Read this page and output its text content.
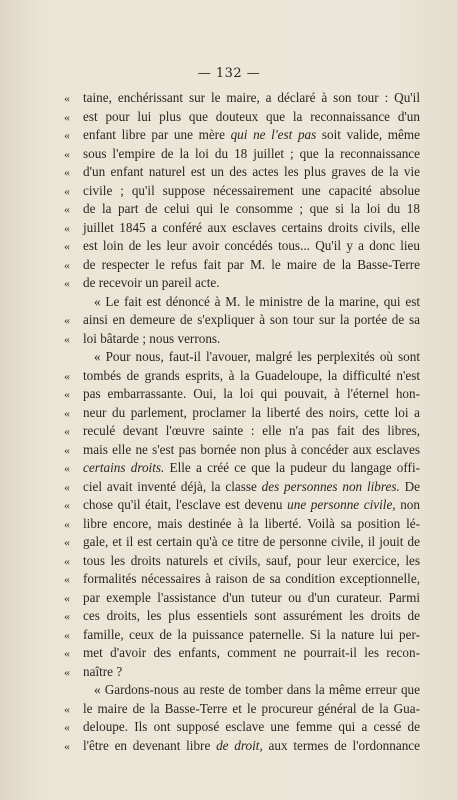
— 132 —
« taine, enchérissant sur le maire, a déclaré à son tour : Qu'il
« est pour lui plus que douteux que la reconnaissance d'un
« enfant libre par une mère qui ne l'est pas soit valide, même
« sous l'empire de la loi du 18 juillet ; que la reconnaissance
« d'un enfant naturel est un des actes les plus graves de la vie
« civile ; qu'il suppose nécessairement une capacité absolue
« de la part de celui qui le consomme ; que si la loi du 18
« juillet 1845 a conféré aux esclaves certains droits civils, elle
« est loin de les leur avoir concédés tous... Qu'il y a donc lieu
« de respecter le refus fait par M. le maire de la Basse-Terre
« de recevoir un pareil acte.
« Le fait est dénoncé à M. le ministre de la marine, qui est
« ainsi en demeure de s'expliquer à son tour sur la portée de sa
« loi bâtarde ; nous verrons.
« Pour nous, faut-il l'avouer, malgré les perplexités où sont
« tombés de grands esprits, à la Guadeloupe, la difficulté n'est
« pas embarrassante. Oui, la loi qui pouvait, à l'éternel hon-
« neur du parlement, proclamer la liberté des noirs, cette loi a
« reculé devant l'œuvre sainte : elle n'a pas fait des libres,
« mais elle ne s'est pas bornée non plus à concéder aux esclaves
« certains droits. Elle a créé ce que la pudeur du langage offi-
« ciel avait inventé déjà, la classe des personnes non libres. De
« chose qu'il était, l'esclave est devenu une personne civile, non
« libre encore, mais destinée à la liberté. Voilà sa position lé-
« gale, et il est certain qu'à ce titre de personne civile, il jouit de
« tous les droits naturels et civils, sauf, pour leur exercice, les
« formalités nécessaires à raison de sa condition exceptionnelle,
« par exemple l'assistance d'un tuteur ou d'un curateur. Parmi
« ces droits, les plus essentiels sont assurément les droits de
« famille, ceux de la puissance paternelle. Si la nature lui per-
« met d'avoir des enfants, comment ne pourrait-il les recon-
« naître ?
« Gardons-nous au reste de tomber dans la même erreur que
« le maire de la Basse-Terre et le procureur général de la Gua-
« deloupe. Ils ont supposé esclave une femme qui a cessé de
« l'être en devenant libre de droit, aux termes de l'ordonnance
